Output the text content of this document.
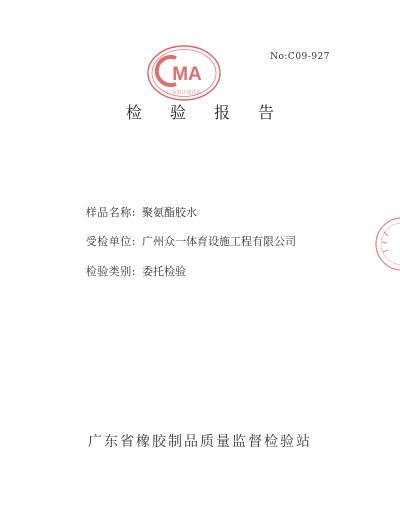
No:C09-927
MA
广东省计量认证
检验报告
样品名称: 聚氨酯胶水
受检单位: 广州众一体育设施工程有限公司
检验类别: 委托检验
广东省橡胶制品质量监督检验站
